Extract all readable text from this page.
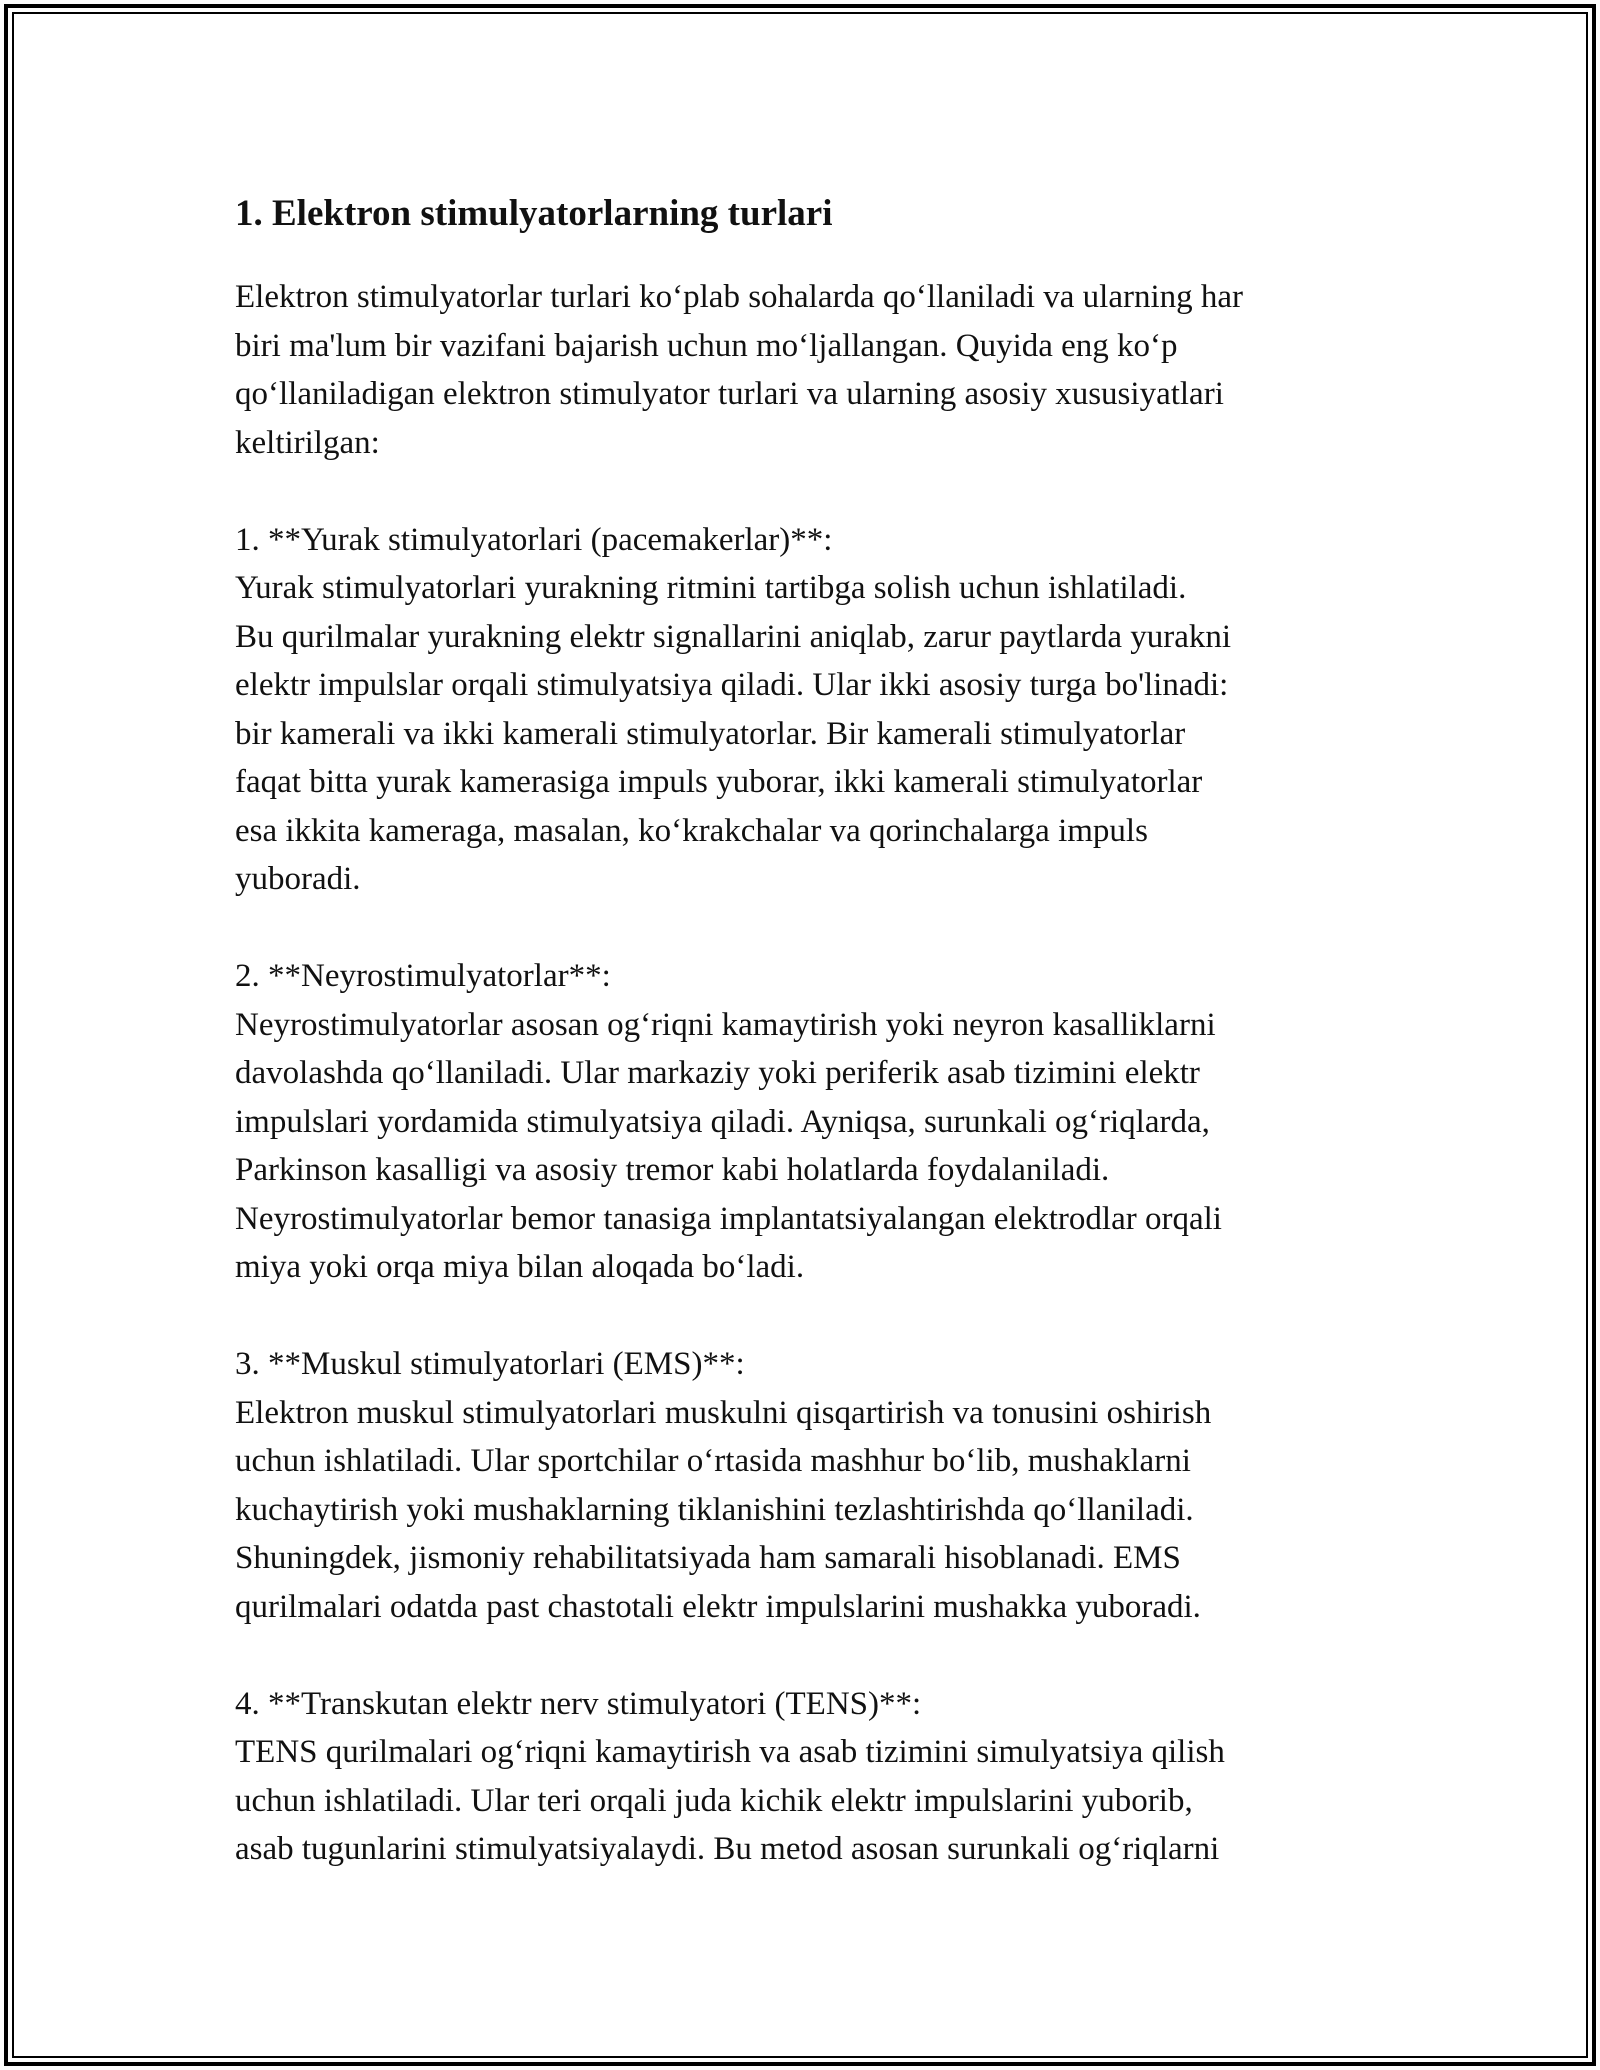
1. Elektron stimulyatorlarning turlari

Elektron stimulyatorlar turlari ko‘plab sohalarda qo‘llaniladi va ularning har
biri ma'lum bir vazifani bajarish uchun mo‘ljallangan. Quyida eng ko‘p
qo‘llaniladigan elektron stimulyator turlari va ularning asosiy xususiyatlari
keltirilgan:

1. **Yurak stimulyatorlari (pacemakerlar)**:

Yurak stimulyatorlari yurakning ritmini tartibga solish uchun ishlatiladi.
Bu qurilmalar yurakning elektr signallarini aniqlab, zarur paytlarda yurakni
elektr impulslar orqali stimulyatsiya qiladi. Ular ikki asosiy turga bo'linadi:
bir kamerali va ikki kamerali stimulyatorlar. Bir kamerali stimulyatorlar
faqat bitta yurak kamerasiga impuls yuborar, ikki kamerali stimulyatorlar
esa ikkita kameraga, masalan, ko‘krakchalar va qorinchalarga impuls
yuboradi.

2. **Neyrostimulyatorlar**:

Neyrostimulyatorlar asosan og‘riqni kamaytirish yoki neyron kasalliklarni
davolashda qo‘llaniladi. Ular markaziy yoki periferik asab tizimini elektr
impulslari yordamida stimulyatsiya qiladi. Ayniqsa, surunkali og‘riqlarda,
Parkinson kasalligi va asosiy tremor kabi holatlarda foydalaniladi.
Neyrostimulyatorlar bemor tanasiga implantatsiyalangan elektrodlar orqali
miya yoki orqa miya bilan aloqada bo‘ladi.

3. **Muskul stimulyatorlari (EMS)**:

Elektron muskul stimulyatorlari muskulni qisqartirish va tonusini oshirish
uchun ishlatiladi. Ular sportchilar o‘rtasida mashhur bo‘lib, mushaklarni
kuchaytirish yoki mushaklarning tiklanishini tezlashtirishda qo‘llaniladi.
Shuningdek, jismoniy rehabilitatsiyada ham samarali hisoblanadi. EMS
qurilmalari odatda past chastotali elektr impulslarini mushakka yuboradi.

4. **Transkutan elektr nerv stimulyatori (TENS)**:

TENS qurilmalari og‘riqni kamaytirish va asab tizimini simulyatsiya qilish
uchun ishlatiladi. Ular teri orqali juda kichik elektr impulslarini yuborib,
asab tugunlarini stimulyatsiyalaydi. Bu metod asosan surunkali og‘riqlarni
